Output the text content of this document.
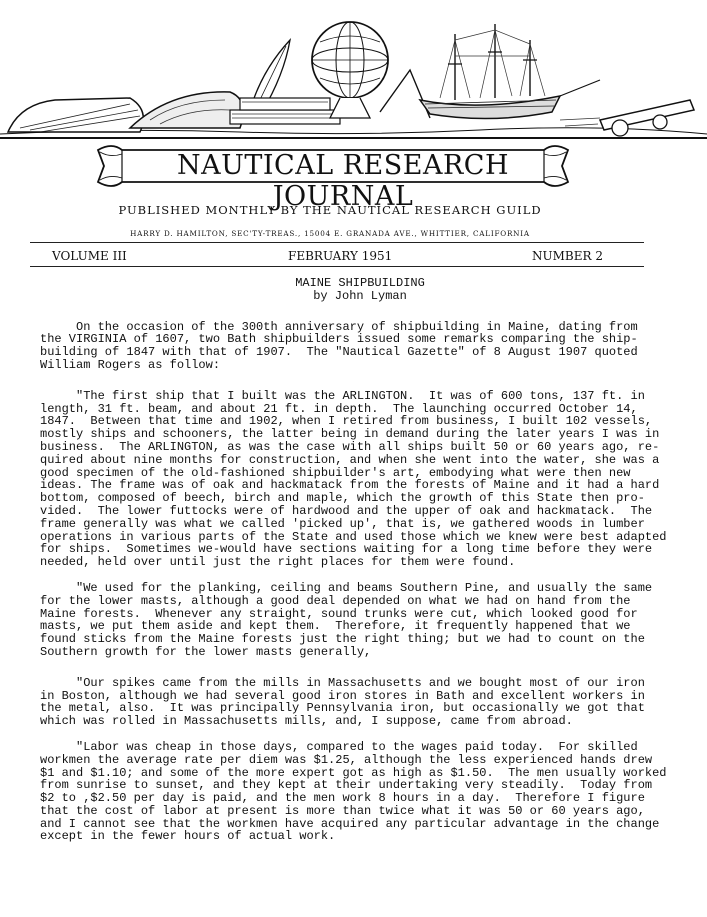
NAUTICAL RESEARCH JOURNAL
PUBLISHED MONTHLY BY THE NAUTICAL RESEARCH GUILD
HARRY D. HAMILTON, SEC'TY-TREAS., 15004 E. GRANADA AVE., WHITTIER, CALIFORNIA
VOLUME III	FEBRUARY 1951	NUMBER 2
MAINE SHIPBUILDING
by John Lyman
On the occasion of the 300th anniversary of shipbuilding in Maine, dating from
the VIRGINIA of 1607, two Bath shipbuilders issued some remarks comparing the ship-
building of 1847 with that of 1907.  The "Nautical Gazette" of 8 August 1907 quoted
William Rogers as follow:
"The first ship that I built was the ARLINGTON.  It was of 600 tons, 137 ft. in
length, 31 ft. beam, and about 21 ft. in depth.  The launching occurred October 14,
1847.  Between that time and 1902, when I retired from business, I built 102 vessels,
mostly ships and schooners, the latter being in demand during the later years I was in
business.  The ARLINGTON, as was the case with all ships built 50 or 60 years ago, re-
quired about nine months for construction, and when she went into the water, she was a
good specimen of the old-fashioned shipbuilder's art, embodying what were then new
ideas. The frame was of oak and hackmatack from the forests of Maine and it had a hard
bottom, composed of beech, birch and maple, which the growth of this State then pro-
vided.  The lower futtocks were of hardwood and the upper of oak and hackmatack.  The
frame generally was what we called 'picked up', that is, we gathered woods in lumber
operations in various parts of the State and used those which we knew were best adapted
for ships.  Sometimes we-would have sections waiting for a long time before they were
needed, held over until just the right places for them were found.
"We used for the planking, ceiling and beams Southern Pine, and usually the same
for the lower masts, although a good deal depended on what we had on hand from the
Maine forests.  Whenever any straight, sound trunks were cut, which looked good for
masts, we put them aside and kept them.  Therefore, it frequently happened that we
found sticks from the Maine forests just the right thing; but we had to count on the
Southern growth for the lower masts generally,
"Our spikes came from the mills in Massachusetts and we bought most of our iron
in Boston, although we had several good iron stores in Bath and excellent workers in
the metal, also.  It was principally Pennsylvania iron, but occasionally we got that
which was rolled in Massachusetts mills, and, I suppose, came from abroad.
"Labor was cheap in those days, compared to the wages paid today.  For skilled
workmen the average rate per diem was $1.25, although the less experienced hands drew
$1 and $1.10; and some of the more expert got as high as $1.50.  The men usually worked
from sunrise to sunset, and they kept at their undertaking very steadily.  Today from
$2 to ,$2.50 per day is paid, and the men work 8 hours in a day.  Therefore I figure
that the cost of labor at present is more than twice what it was 50 or 60 years ago,
and I cannot see that the workmen have acquired any particular advantage in the change
except in the fewer hours of actual work.
